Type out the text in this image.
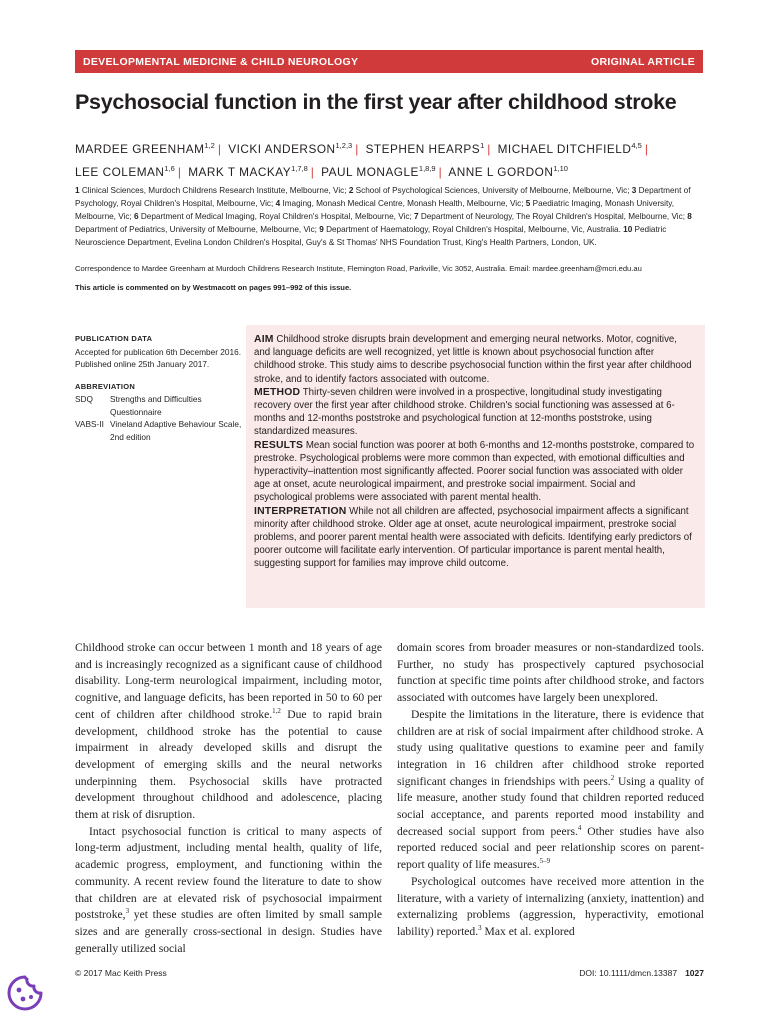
DEVELOPMENTAL MEDICINE & CHILD NEUROLOGY	ORIGINAL ARTICLE
Psychosocial function in the first year after childhood stroke
MARDEE GREENHAM$^{1,2}$ | VICKI ANDERSON$^{1,2,3}$ | STEPHEN HEARPS$^1$ | MICHAEL DITCHFIELD$^{4,5}$ |
LEE COLEMAN$^{1,6}$ | MARK T MACKAY$^{1,7,8}$ | PAUL MONAGLE$^{1,8,9}$ | ANNE L GORDON$^{1,10}$
1 Clinical Sciences, Murdoch Childrens Research Institute, Melbourne, Vic; 2 School of Psychological Sciences, University of Melbourne, Melbourne, Vic; 3 Department of Psychology, Royal Children's Hospital, Melbourne, Vic; 4 Imaging, Monash Medical Centre, Monash Health, Melbourne, Vic; 5 Paediatric Imaging, Monash University, Melbourne, Vic; 6 Department of Medical Imaging, Royal Children's Hospital, Melbourne, Vic; 7 Department of Neurology, The Royal Children's Hospital, Melbourne, Vic; 8 Department of Pediatrics, University of Melbourne, Melbourne, Vic; 9 Department of Haematology, Royal Children's Hospital, Melbourne, Vic, Australia. 10 Pediatric Neuroscience Department, Evelina London Children's Hospital, Guy's & St Thomas' NHS Foundation Trust, King's Health Partners, London, UK.
Correspondence to Mardee Greenham at Murdoch Childrens Research Institute, Flemington Road, Parkville, Vic 3052, Australia. Email: mardee.greenham@mcri.edu.au
This article is commented on by Westmacott on pages 991–992 of this issue.
PUBLICATION DATA
Accepted for publication 6th December 2016.
Published online 25th January 2017.
ABBREVIATION
SDQ	Strengths and Difficulties Questionnaire
VABS-II Vineland Adaptive Behaviour Scale, 2nd edition
AIM Childhood stroke disrupts brain development and emerging neural networks. Motor, cognitive, and language deficits are well recognized, yet little is known about psychosocial function after childhood stroke. This study aims to describe psychosocial function within the first year after childhood stroke, and to identify factors associated with outcome.
METHOD Thirty-seven children were involved in a prospective, longitudinal study investigating recovery over the first year after childhood stroke. Children's social functioning was assessed at 6-months and 12-months poststroke and psychological function at 12-months poststroke, using standardized measures.
RESULTS Mean social function was poorer at both 6-months and 12-months poststroke, compared to prestroke. Psychological problems were more common than expected, with emotional difficulties and hyperactivity–inattention most significantly affected. Poorer social function was associated with older age at onset, acute neurological impairment, and prestroke social impairment. Social and psychological problems were associated with parent mental health.
INTERPRETATION While not all children are affected, psychosocial impairment affects a significant minority after childhood stroke. Older age at onset, acute neurological impairment, prestroke social problems, and poorer parent mental health were associated with deficits. Identifying early predictors of poorer outcome will facilitate early intervention. Of particular importance is parent mental health, suggesting support for families may improve child outcome.

Childhood stroke can occur between 1 month and 18 years of age and is increasingly recognized as a significant cause of childhood disability. Long-term neurological impairment, including motor, cognitive, and language deficits, has been reported in 50 to 60 per cent of children after childhood stroke.$^{1,2}$ Due to rapid brain development, childhood stroke has the potential to cause impairment in already developed skills and disrupt the development of emerging skills and the neural networks underpinning them. Psychosocial skills have protracted development throughout childhood and adolescence, placing them at risk of disruption.

Intact psychosocial function is critical to many aspects of long-term adjustment, including mental health, quality of life, academic progress, employment, and functioning within the community. A recent review found the literature to date to show that children are at elevated risk of psychosocial impairment poststroke,$^3$ yet these studies are often limited by small sample sizes and are generally cross-sectional in design. Studies have generally utilized social

domain scores from broader measures or non-standardized tools. Further, no study has prospectively captured psychosocial function at specific time points after childhood stroke, and factors associated with outcomes have largely been unexplored.

Despite the limitations in the literature, there is evidence that children are at risk of social impairment after childhood stroke. A study using qualitative questions to examine peer and family integration in 16 children after childhood stroke reported significant changes in friendships with peers.$^2$ Using a quality of life measure, another study found that children reported reduced social acceptance, and parents reported mood instability and decreased social support from peers.$^4$ Other studies have also reported reduced social and peer relationship scores on parent-report quality of life measures.$^{5-9}$

Psychological outcomes have received more attention in the literature, with a variety of internalizing (anxiety, inattention) and externalizing problems (aggression, hyperactivity, emotional lability) reported.$^3$ Max et al. explored

© 2017 Mac Keith Press	DOI: 10.1111/dmcn.13387 1027
